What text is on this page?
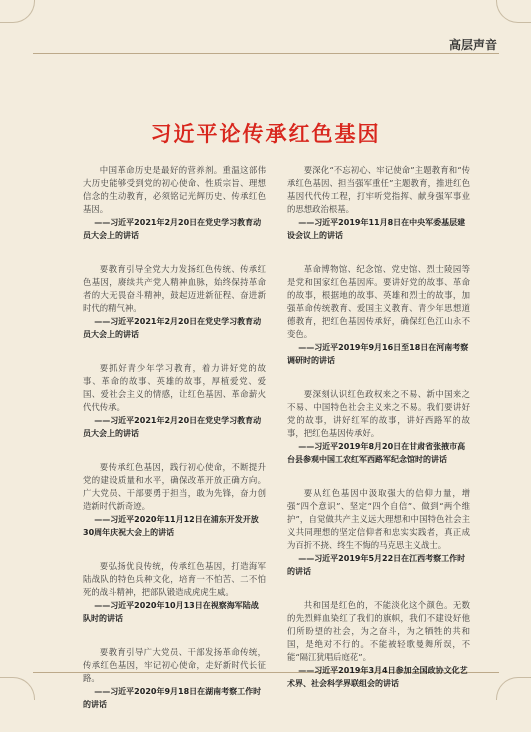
高层声音
习近平论传承红色基因

中国革命历史是最好的营养剂。重温这部伟大历史能够受到党的初心使命、性质宗旨、理想信念的生动教育，必须铭记光辉历史、传承红色基因。

——习近平2021年2月20日在党史学习教育动员大会上的讲话

要教育引导全党大力发扬红色传统、传承红色基因，赓续共产党人精神血脉，始终保持革命者的大无畏奋斗精神，鼓起迈进新征程、奋进新时代的精气神。

——习近平2021年2月20日在党史学习教育动员大会上的讲话

要抓好青少年学习教育，着力讲好党的故事、革命的故事、英雄的故事，厚植爱党、爱国、爱社会主义的情感，让红色基因、革命薪火代代传承。

——习近平2021年2月20日在党史学习教育动员大会上的讲话

要传承红色基因，践行初心使命，不断提升党的建设质量和水平，确保改革开放正确方向。广大党员、干部要勇于担当，敢为先锋，奋力创造新时代新奇迹。

——习近平2020年11月12日在浦东开发开放30周年庆祝大会上的讲话

要弘扬优良传统，传承红色基因，打造海军陆战队的特色兵种文化，培育一不怕苦、二不怕死的战斗精神，把部队锻造成虎虎生威。

——习近平2020年10月13日在视察海军陆战队时的讲话

要教育引导广大党员、干部发扬革命传统，传承红色基因，牢记初心使命，走好新时代长征路。

——习近平2020年9月18日在湖南考察工作时的讲话

要深化“不忘初心、牢记使命”主题教育和“传承红色基因、担当强军重任”主题教育，推进红色基因代代传工程，打牢听党指挥、献身强军事业的思想政治根基。

——习近平2019年11月8日在中央军委基层建设会议上的讲话

革命博物馆、纪念馆、党史馆、烈士陵园等是党和国家红色基因库。要讲好党的故事、革命的故事，根据地的故事、英雄和烈士的故事，加强革命传统教育、爱国主义教育、青少年思想道德教育，把红色基因传承好，确保红色江山永不变色。

——习近平2019年9月16日至18日在河南考察调研时的讲话

要深刻认识红色政权来之不易、新中国来之不易、中国特色社会主义来之不易。我们要讲好党的故事，讲好红军的故事，讲好西路军的故事，把红色基因传承好。

——习近平2019年8月20日在甘肃省张掖市高台县参观中国工农红军西路军纪念馆时的讲话

要从红色基因中汲取强大的信仰力量，增强“四个意识”、坚定“四个自信”、做到“两个维护”，自觉做共产主义远大理想和中国特色社会主义共同理想的坚定信仰者和忠实实践者，真正成为百折不挠、终生不悔的马克思主义战士。

——习近平2019年5月22日在江西考察工作时的讲话

共和国是红色的，不能淡化这个颜色。无数的先烈鲜血染红了我们的旗帜，我们不建设好他们所盼望的社会，为之奋斗，为之牺牲的共和国，是绝对不行的。不能被轻歌曼舞所误，不能“隔江犹唱后庭花”。

——习近平2019年3月4日参加全国政协文化艺术界、社会科学界联组会的讲话
